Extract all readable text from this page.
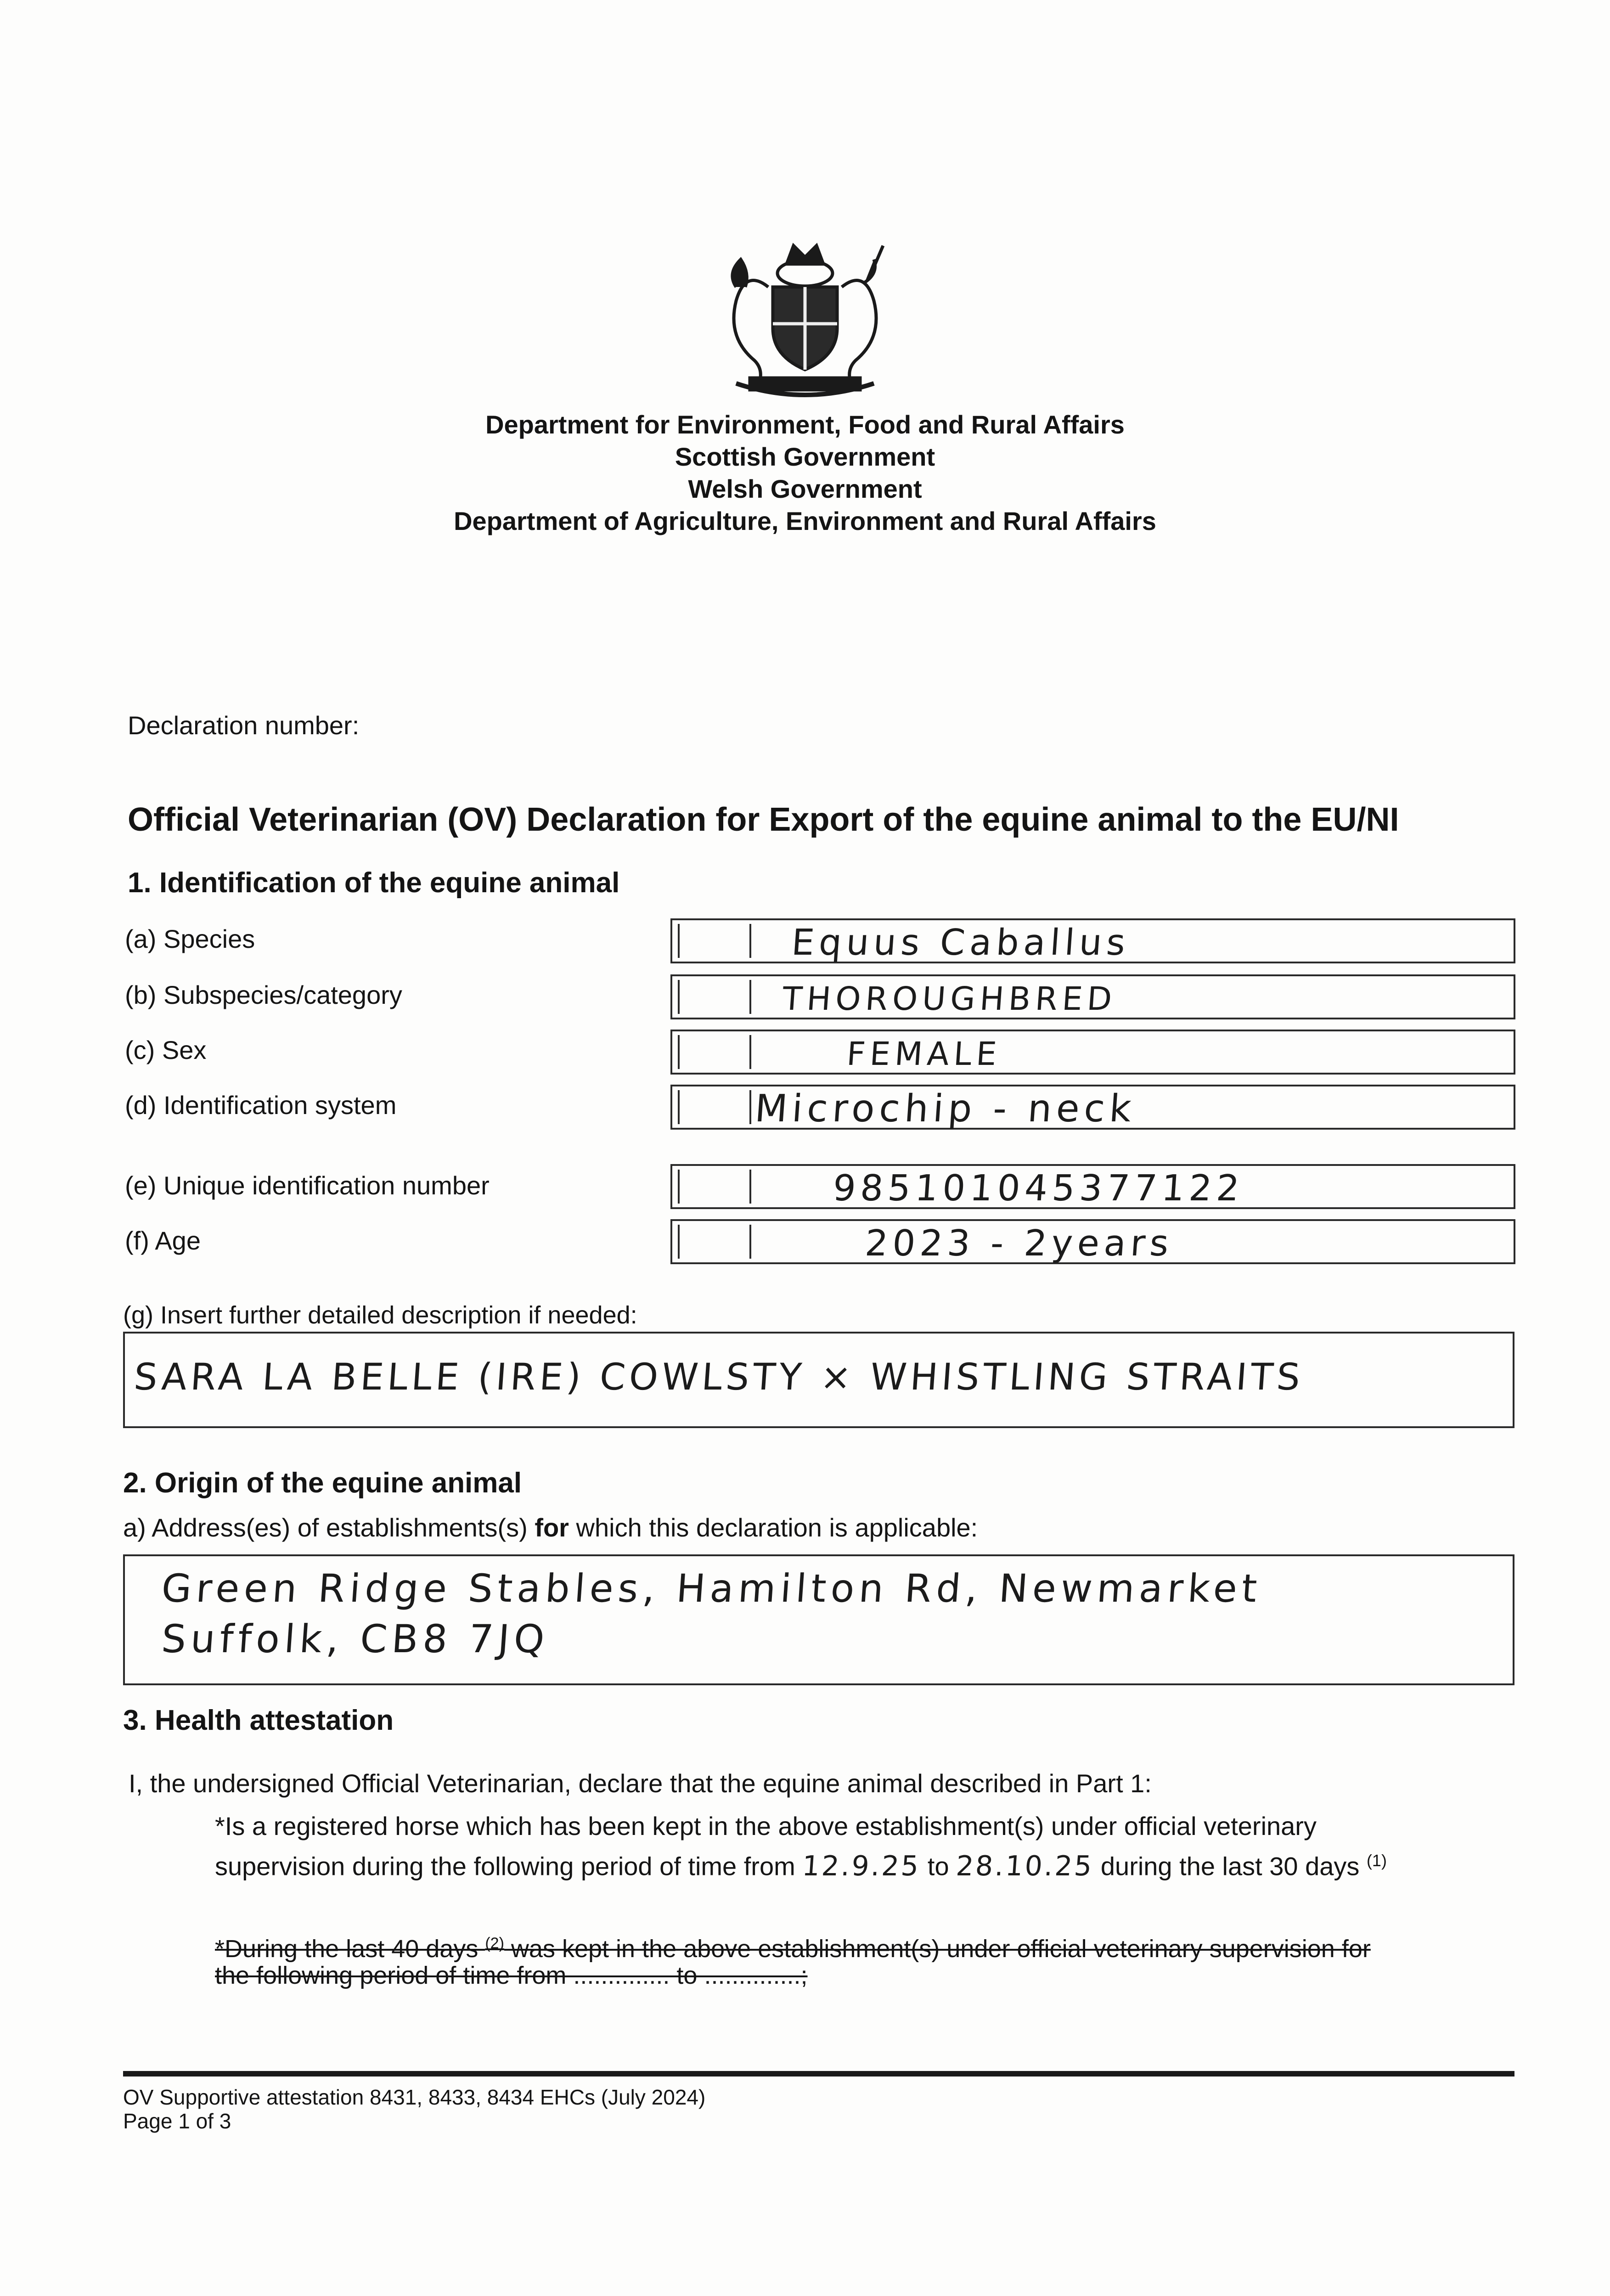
Department for Environment, Food and Rural Affairs
Scottish Government
Welsh Government
Department of Agriculture, Environment and Rural Affairs
Declaration number:
Official Veterinarian (OV) Declaration for Export of the equine animal to the EU/NI
1. Identification of the equine animal
(a) Species	Equus Caballus
(b) Subspecies/category	THOROUGHBRED
(c) Sex	FEMALE
(d) Identification system	Microchip - neck
(e) Unique identification number	985101045377122
(f) Age	2023 - 2years
(g) Insert further detailed description if needed:
SARA LA BELLE (IRE) COWLSTY × WHISTLING STRAITS
2. Origin of the equine animal
a) Address(es) of establishments(s) for which this declaration is applicable:
Green Ridge Stables, Hamilton Rd, Newmarket
Suffolk, CB8 7JQ
3. Health attestation
I, the undersigned Official Veterinarian, declare that the equine animal described in Part 1:
*Is a registered horse which has been kept in the above establishment(s) under official veterinary
supervision during the following period of time from 12.9.25 to 28.10.25 during the last 30 days $^{(1)}$
*During the last 40 days $^{(2)}$ was kept in the above establishment(s) under official veterinary supervision for
the following period of time from .............. to ..............;
OV Supportive attestation 8431, 8433, 8434 EHCs (July 2024)
Page 1 of 3
